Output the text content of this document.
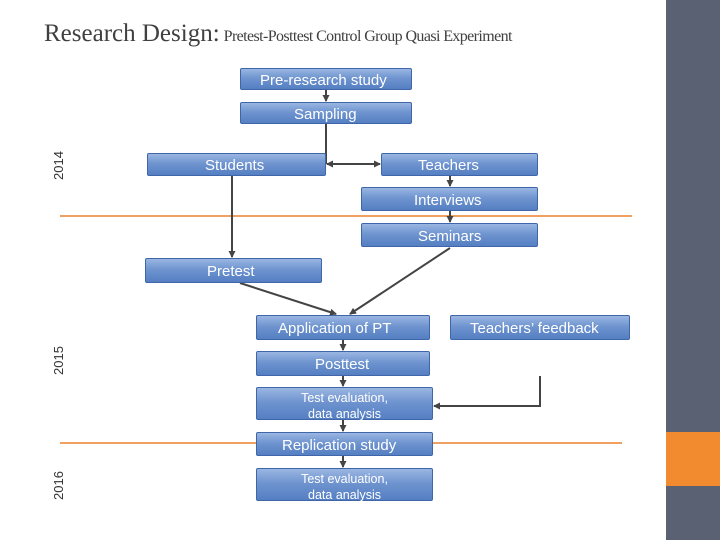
Research Design: Pretest-Posttest Control Group Quasi Experiment
2014
2015
2016
Pre-research study
Sampling
Students	Teachers
Interviews
Seminars
Pretest
Application of PT	Teachers’ feedback
Posttest
Test evaluation, data analysis
Replication study
Test evaluation, data analysis
